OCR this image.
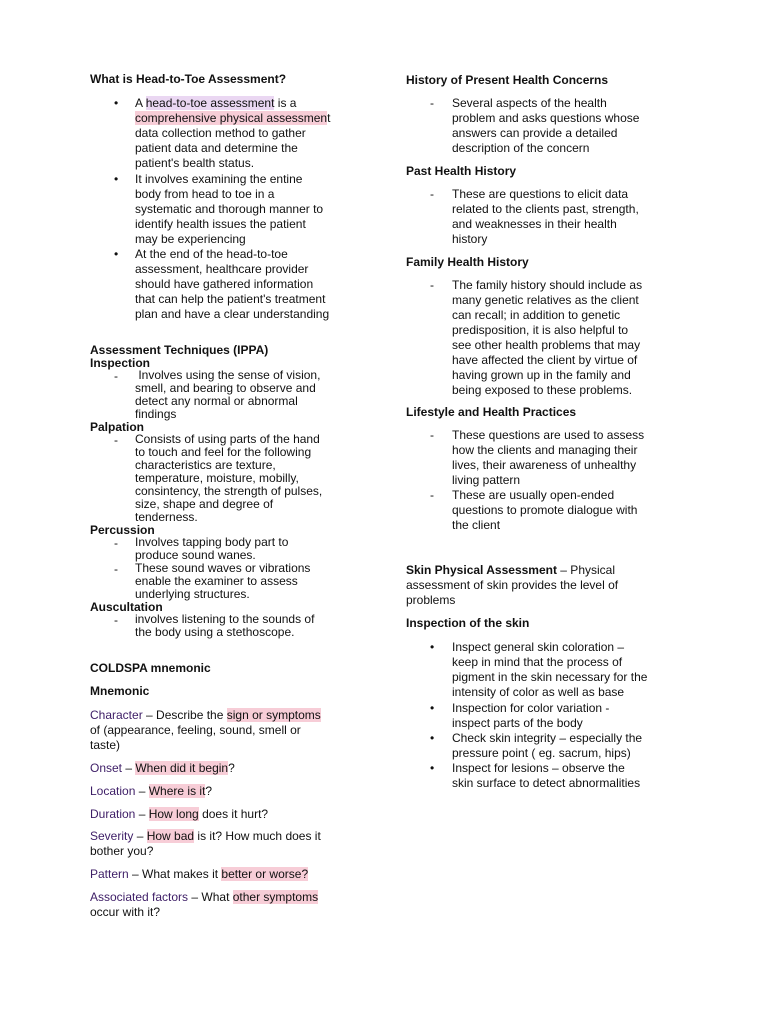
What is Head-to-Toe Assessment?
• A head-to-toe assessment is a
comprehensive physical assessment
data collection method to gather
patient data and determine the
patient's bealth status.
• It involves examining the entine
body from head to toe in a
systematic and thorough manner to
identify health issues the patient
may be experiencing
• At the end of the head-to-toe
assessment, healthcare provider
should have gathered information
that can help the patient's treatment
plan and have a clear understanding
Assessment Techniques (IPPA)
Inspection
- Involves using the sense of vision,
smell, and bearing to observe and
detect any normal or abnormal
findings
Palpation
- Consists of using parts of the hand
to touch and feel for the following
characteristics are texture,
temperature, moisture, mobilly,
consintency, the strength of pulses,
size, shape and degree of
tenderness.
Percussion
- Involves tapping body part to
produce sound wanes.
- These sound waves or vibrations
enable the examiner to assess
underlying structures.
Auscultation
- involves listening to the sounds of
the body using a stethoscope.
COLDSPA mnemonic
Mnemonic
Character – Describe the sign or symptoms
of (appearance, feeling, sound, smell or
taste)
Onset – When did it begin?
Location – Where is it?
Duration – How long does it hurt?
Severity – How bad is it? How much does it
bother you?
Pattern – What makes it better or worse?
Associated factors – What other symptoms
occur with it?
History of Present Health Concerns
- Several aspects of the health
problem and asks questions whose
answers can provide a detailed
description of the concern
Past Health History
- These are questions to elicit data
related to the clients past, strength,
and weaknesses in their health
history
Family Health History
- The family history should include as
many genetic relatives as the client
can recall; in addition to genetic
predisposition, it is also helpful to
see other health problems that may
have affected the client by virtue of
having grown up in the family and
being exposed to these problems.
Lifestyle and Health Practices
- These questions are used to assess
how the clients and managing their
lives, their awareness of unhealthy
living pattern
- These are usually open-ended
questions to promote dialogue with
the client
Skin Physical Assessment – Physical
assessment of skin provides the level of
problems
Inspection of the skin
• Inspect general skin coloration –
keep in mind that the process of
pigment in the skin necessary for the
intensity of color as well as base
• Inspection for color variation -
inspect parts of the body
• Check skin integrity – especially the
pressure point ( eg. sacrum, hips)
• Inspect for lesions – observe the
skin surface to detect abnormalities
